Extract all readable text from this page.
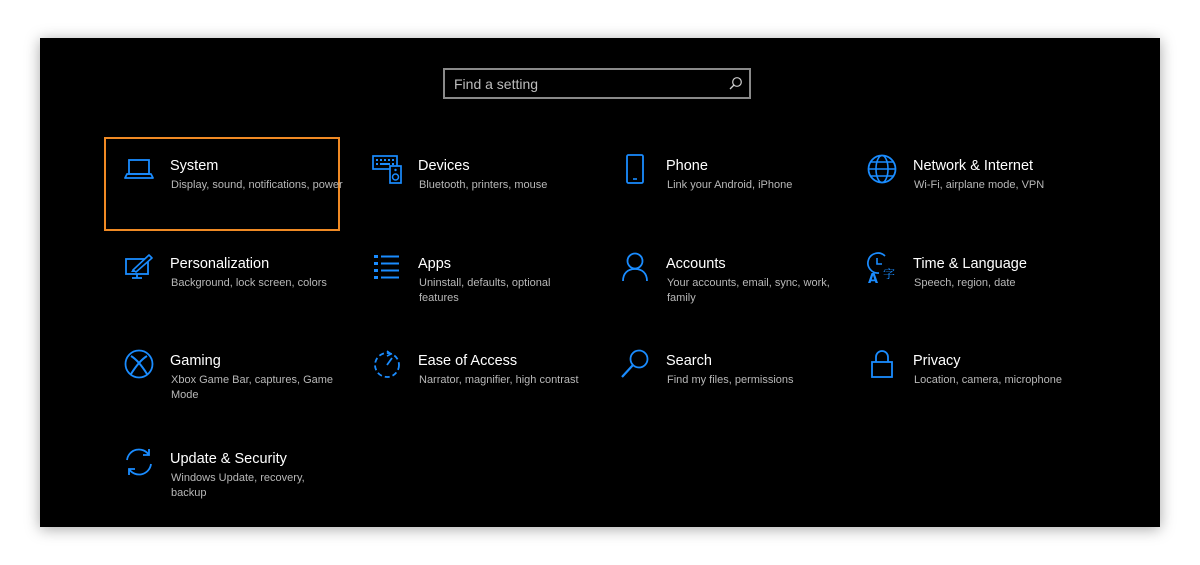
Find a setting
System
Display, sound, notifications, power
Devices
Bluetooth, printers, mouse
Phone
Link your Android, iPhone
Network & Internet
Wi-Fi, airplane mode, VPN
Personalization
Background, lock screen, colors
Apps
Uninstall, defaults, optional features
Accounts
Your accounts, email, sync, work, family
A 字
Time & Language
Speech, region, date
Gaming
Xbox Game Bar, captures, Game Mode
Ease of Access
Narrator, magnifier, high contrast
Search
Find my files, permissions
Privacy
Location, camera, microphone
Update & Security
Windows Update, recovery, backup
